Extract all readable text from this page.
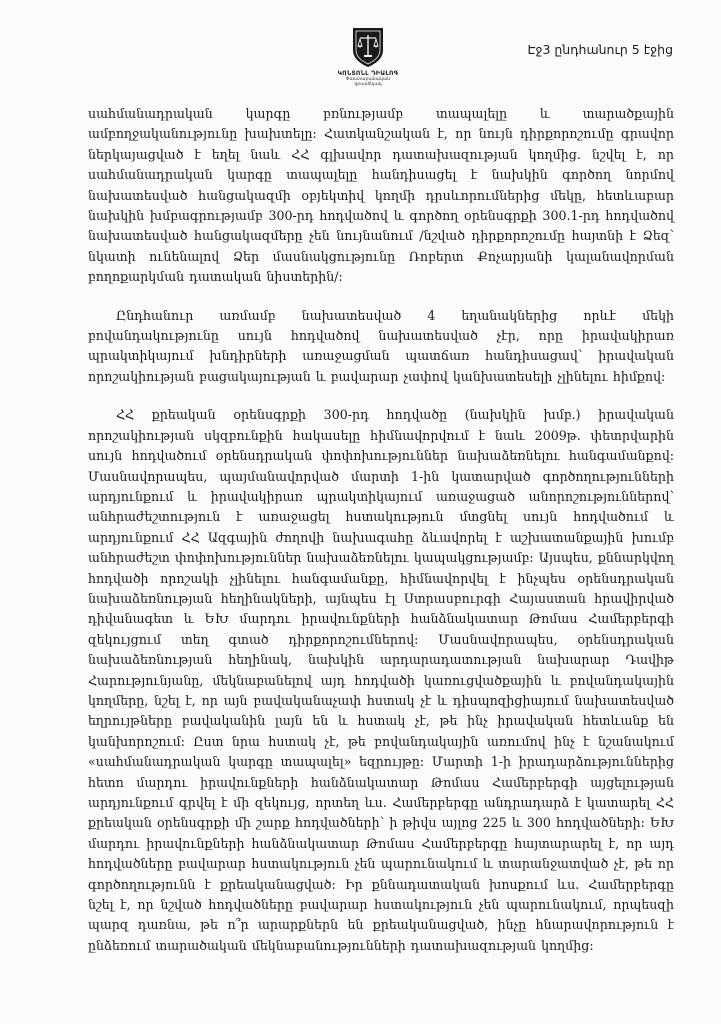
ԿՈՆՏՈՆԼ ԴԻԱԼՈԳ
Փաստաբանական գրասենյակ
Էջ3 ընդհանուր 5 էջից

սահմանադրական կարգը բռնությամբ տապալելը և տարածքային ամբողջականությունը խախտելը: Հատկանշական է, որ նույն դիրքորոշումը գրավոր ներկայացված է եղել նաև ՀՀ գլխավոր դատախազության կողմից. նշվել է, որ սահմանադրական կարգը տապալելը հանդիսացել է նախկին գործող նորմով նախատեսված հանցակազմի օբյեկտիվ կողմի դրսևորումներից մեկը, հետևաբար նախկին խմբագրությամբ 300-րդ հոդվածով և գործող օրենսգրքի 300.1-րդ հոդվածով նախատեսված հանցակազմերը չեն նույնանում /նշված դիրքորոշումը հայտնի է Ձեզ՝ նկատի ունենալով Ձեր մասնակցությունը Ռոբերտ Քոչարյանի կալանավորման բողոքարկման դատական նիստերին/:

Ընդհանուր առմամբ նախատեսված 4 եղանակներից որևէ մեկի բովանդակությունը սույն հոդվածով նախատեսված չէր, որը իրավակիրառ պրակտիկայում խնդիրների առաջացման պատճառ հանդիսացավ՝ իրավական որոշակիության բացակայության և բավարար չափով կանխատեսելի չլինելու հիմքով:

ՀՀ քրեական օրենսգրքի 300-րդ հոդվածը (նախկին խմբ.) իրավական որոշակիության սկզբունքին հակասելը հիմնավորվում է նաև 2009թ. փետրվարին սույն հոդվածում օրենսդրական փոփոխություններ նախաձեռնելու հանգամանքով: Մասնավորապես, պայմանավորված մարտի 1-ին կատարված գործողությունների արդյունքում և իրավակիրառ պրակտիկայում առաջացած անորոշություններով՝ անհրաժեշտություն է առաջացել հստակություն մտցնել սույն հոդվածում և արդյունքում ՀՀ Ազգային ժողովի նախագահը ձևավորել է աշխատանքային խումբ անհրաժեշտ փոփոխություններ նախաձեռնելու կապակցությամբ: Այսպես, քննարկվող հոդվածի որոշակի չլինելու հանգամանքը, հիմնավորվել է ինչպես օրենսդրական նախաձեռնության հեղինակների, այնպես էլ Ստրասբուրգի Հայաստան հրավիրված դիվանագետ և ԵԽ մարդու իրավունքների հանձնակատար Թոմաս Համերբերգի զեկույցում տեղ գտած դիրքորոշումներով: Մասնավորապես, օրենսդրական նախաձեռնության հեղինակ, նախկին արդարադատության նախարար Դավիթ Հարությունյանը, մեկնաբանելով այդ հոդվածի կառուցվածքային և բովանդակային կողմերը, նշել է, որ այն բավականաչափ հստակ չէ և դիսպոզիցիայում նախատեսված եղրույթները բավականին լայն են և հստակ չէ, թե ինչ իրավական հետևանք են կանխորոշում: Ըստ նրա հստակ չէ, թե բովանդակային առումով ինչ է նշանակում «սահմանադրական կարգը տապալել» եզրույթը: Մարտի 1-ի իրադարձություններից հետո մարդու իրավունքների հանձնակատար Թոմաս Համերբերգի այցելության արդյունքում գրվել է մի զեկույց, որտեղ ևս. Համերբերգը անդրադարձ է կատարել ՀՀ քրեական օրենսգրքի մի շարք հոդվածների՝ ի թիվս այլոց 225 և 300 հոդվածների: ԵԽ մարդու իրավունքների հանձնակատար Թոմաս Համերբերգը հայտարարել է, որ այդ հոդվածները բավարար հստակություն չեն պարունակում և տարանջատված չէ, թե որ գործողությունն է քրեականացված: Իր քննադատական խոսքում ևս. Համերբերգը նշել է, որ նշված հոդվածները բավարար հստակություն չեն պարունակում, որպեսզի պարզ դառնա, թե ո՞ր արարքներն են քրեականացված, ինչը հնարավորություն է ընձեռում տարածական մեկնաբանությունների դատախազության կողմից:
